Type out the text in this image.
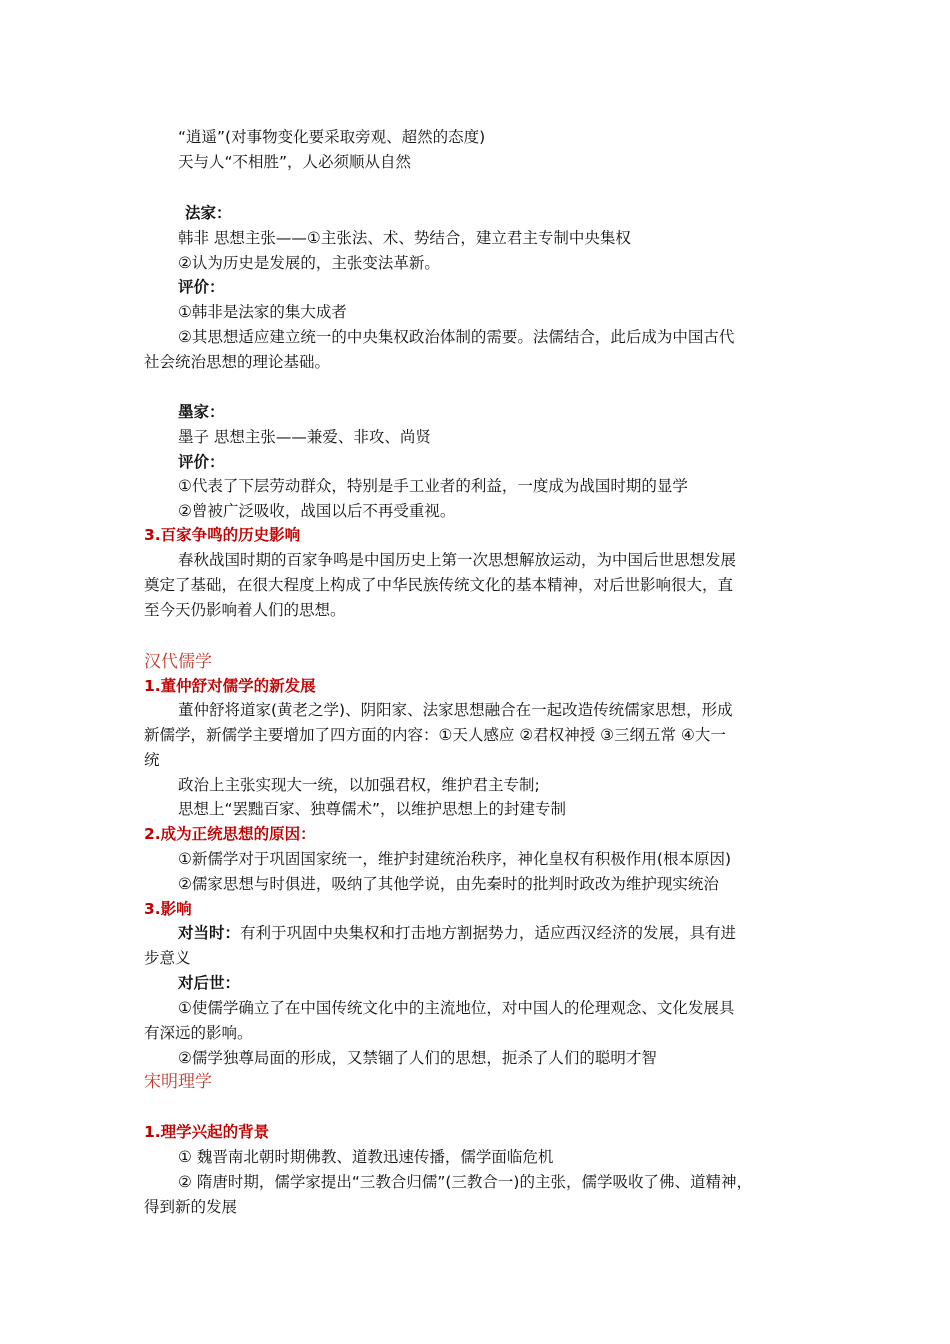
“逍遥”(对事物变化要采取旁观、超然的态度)
天与人“不相胜”，人必须顺从自然
法家：
韩非 思想主张——①主张法、术、势结合，建立君主专制中央集权
②认为历史是发展的，主张变法革新。
评价：
①韩非是法家的集大成者
②其思想适应建立统一的中央集权政治体制的需要。法儒结合，此后成为中国古代
社会统治思想的理论基础。
墨家：
墨子 思想主张——兼爱、非攻、尚贤
评价：
①代表了下层劳动群众，特别是手工业者的利益，一度成为战国时期的显学
②曾被广泛吸收，战国以后不再受重视。
3.百家争鸣的历史影响
春秋战国时期的百家争鸣是中国历史上第一次思想解放运动，为中国后世思想发展
奠定了基础，在很大程度上构成了中华民族传统文化的基本精神，对后世影响很大，直
至今天仍影响着人们的思想。
汉代儒学
1.董仲舒对儒学的新发展
董仲舒将道家(黄老之学)、阴阳家、法家思想融合在一起改造传统儒家思想，形成
新儒学，新儒学主要增加了四方面的内容：①天人感应 ②君权神授 ③三纲五常 ④大一
统
政治上主张实现大一统，以加强君权，维护君主专制;
思想上“罢黜百家、独尊儒术”，以维护思想上的封建专制
2.成为正统思想的原因：
①新儒学对于巩固国家统一，维护封建统治秩序，神化皇权有积极作用(根本原因)
②儒家思想与时俱进，吸纳了其他学说，由先秦时的批判时政改为维护现实统治
3.影响
对当时：有利于巩固中央集权和打击地方割据势力，适应西汉经济的发展，具有进
步意义
对后世：
①使儒学确立了在中国传统文化中的主流地位，对中国人的伦理观念、文化发展具
有深远的影响。
②儒学独尊局面的形成，又禁锢了人们的思想，扼杀了人们的聪明才智
宋明理学
1.理学兴起的背景
① 魏晋南北朝时期佛教、道教迅速传播，儒学面临危机
② 隋唐时期，儒学家提出“三教合归儒”(三教合一)的主张，儒学吸收了佛、道精神，
得到新的发展
